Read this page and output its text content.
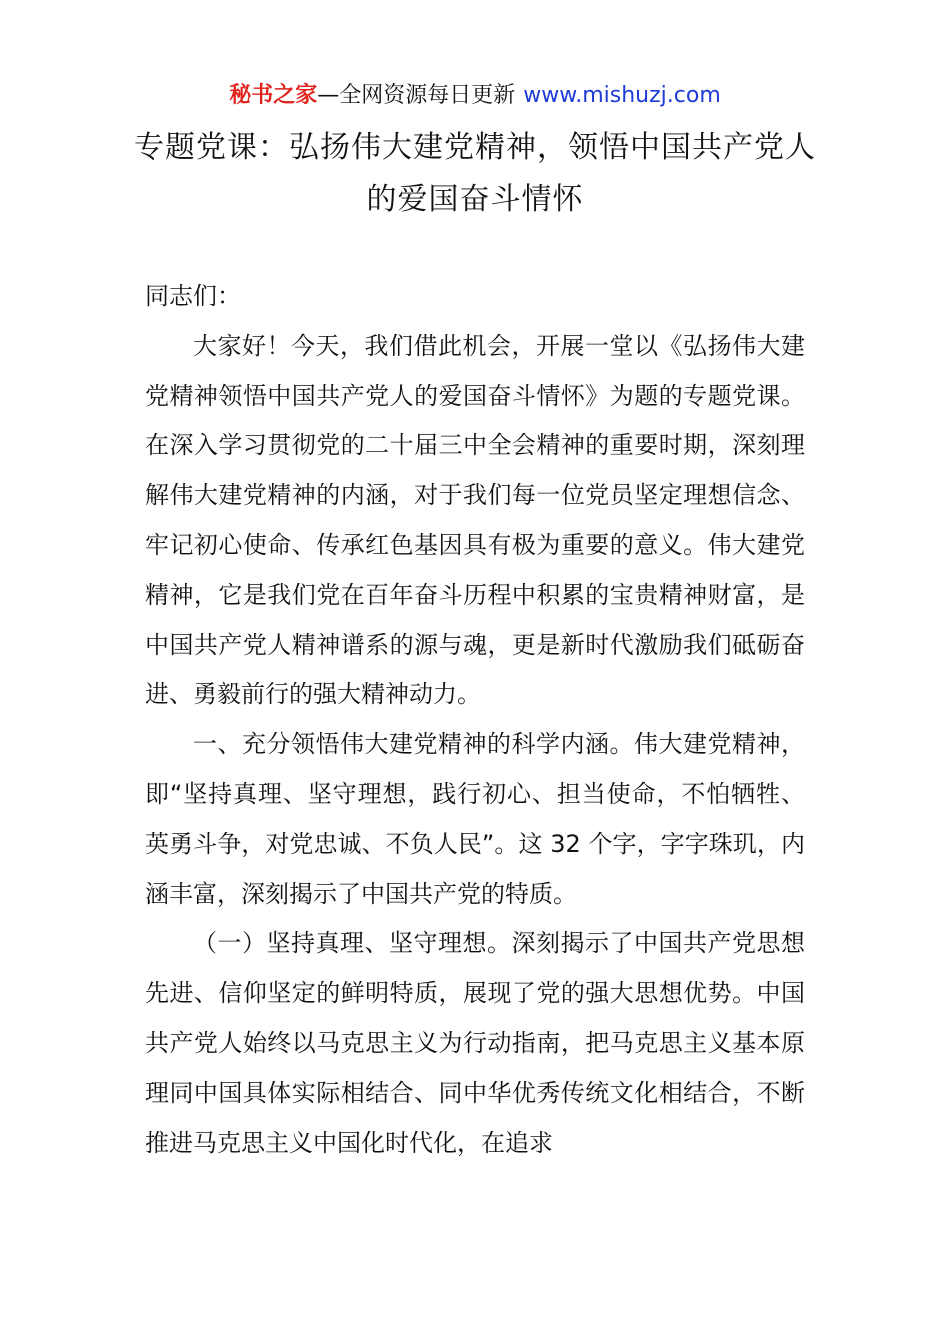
秘书之家—全网资源每日更新 www.mishuzj.com
专题党课：弘扬伟大建党精神，领悟中国共产党人的爱国奋斗情怀

同志们：

大家好！今天，我们借此机会，开展一堂以《弘扬伟大建党精神领悟中国共产党人的爱国奋斗情怀》为题的专题党课。在深入学习贯彻党的二十届三中全会精神的重要时期，深刻理解伟大建党精神的内涵，对于我们每一位党员坚定理想信念、牢记初心使命、传承红色基因具有极为重要的意义。伟大建党精神，它是我们党在百年奋斗历程中积累的宝贵精神财富，是中国共产党人精神谱系的源与魂，更是新时代激励我们砥砺奋进、勇毅前行的强大精神动力。

一、充分领悟伟大建党精神的科学内涵。伟大建党精神，即“坚持真理、坚守理想，践行初心、担当使命，不怕牺牲、英勇斗争，对党忠诚、不负人民”。这 32 个字，字字珠玑，内涵丰富，深刻揭示了中国共产党的特质。

（一）坚持真理、坚守理想。深刻揭示了中国共产党思想先进、信仰坚定的鲜明特质，展现了党的强大思想优势。中国共产党人始终以马克思主义为行动指南，把马克思主义基本原理同中国具体实际相结合、同中华优秀传统文化相结合，不断推进马克思主义中国化时代化，在追求
